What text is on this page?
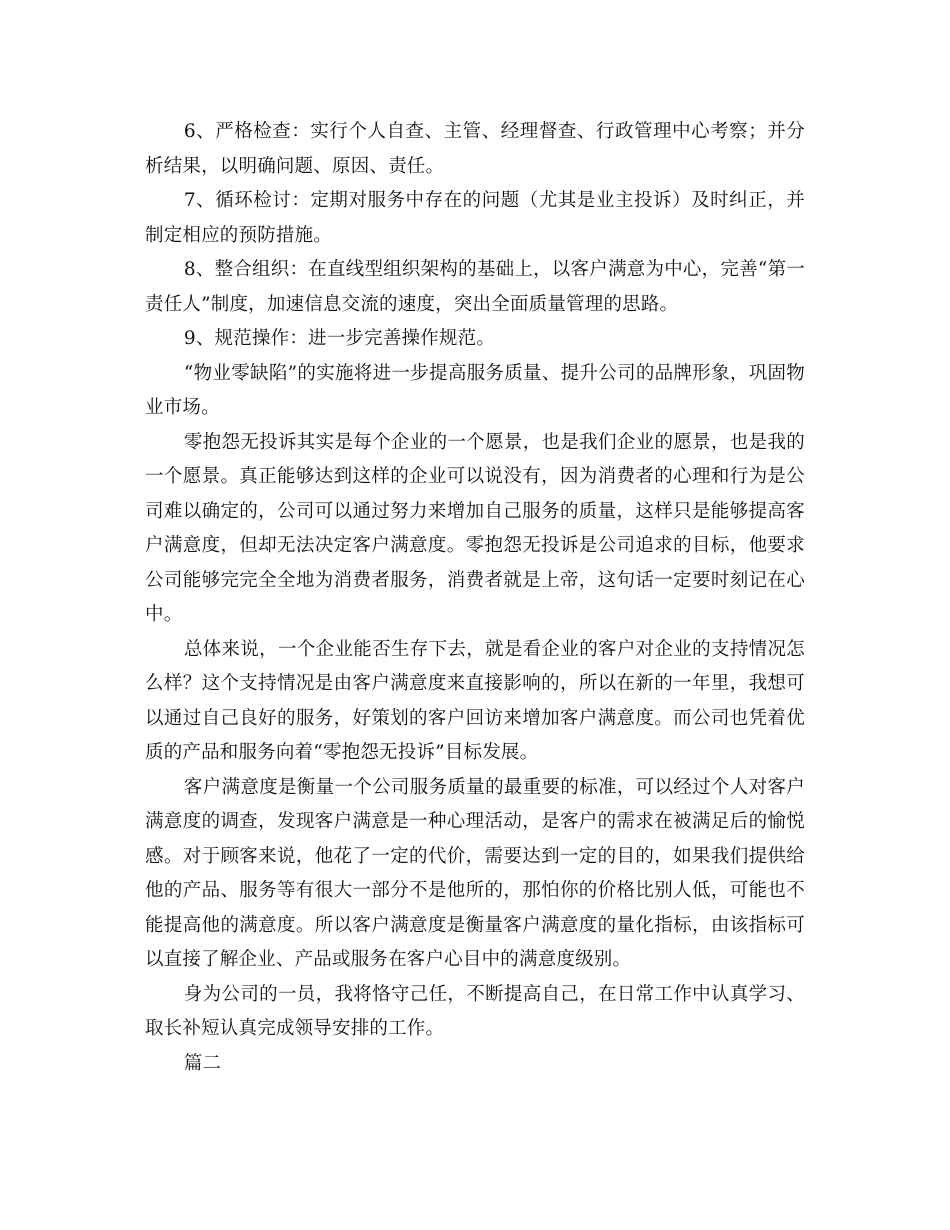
6、严格检查：实行个人自查、主管、经理督查、行政管理中心考察；并分析结果，以明确问题、原因、责任。

7、循环检讨：定期对服务中存在的问题（尤其是业主投诉）及时纠正，并制定相应的预防措施。

8、整合组织：在直线型组织架构的基础上，以客户满意为中心，完善“第一责任人”制度，加速信息交流的速度，突出全面质量管理的思路。

9、规范操作：进一步完善操作规范。

“物业零缺陷”的实施将进一步提高服务质量、提升公司的品牌形象，巩固物业市场。

零抱怨无投诉其实是每个企业的一个愿景，也是我们企业的愿景，也是我的一个愿景。真正能够达到这样的企业可以说没有，因为消费者的心理和行为是公司难以确定的，公司可以通过努力来增加自己服务的质量，这样只是能够提高客户满意度，但却无法决定客户满意度。零抱怨无投诉是公司追求的目标，他要求公司能够完完全全地为消费者服务，消费者就是上帝，这句话一定要时刻记在心中。

总体来说，一个企业能否生存下去，就是看企业的客户对企业的支持情况怎么样？这个支持情况是由客户满意度来直接影响的，所以在新的一年里，我想可以通过自己良好的服务，好策划的客户回访来增加客户满意度。而公司也凭着优质的产品和服务向着“零抱怨无投诉”目标发展。

客户满意度是衡量一个公司服务质量的最重要的标准，可以经过个人对客户满意度的调查，发现客户满意是一种心理活动，是客户的需求在被满足后的愉悦感。对于顾客来说，他花了一定的代价，需要达到一定的目的，如果我们提供给他的产品、服务等有很大一部分不是他所的，那怕你的价格比别人低，可能也不能提高他的满意度。所以客户满意度是衡量客户满意度的量化指标，由该指标可以直接了解企业、产品或服务在客户心目中的满意度级别。

身为公司的一员，我将恪守己任，不断提高自己，在日常工作中认真学习、取长补短认真完成领导安排的工作。

篇二
